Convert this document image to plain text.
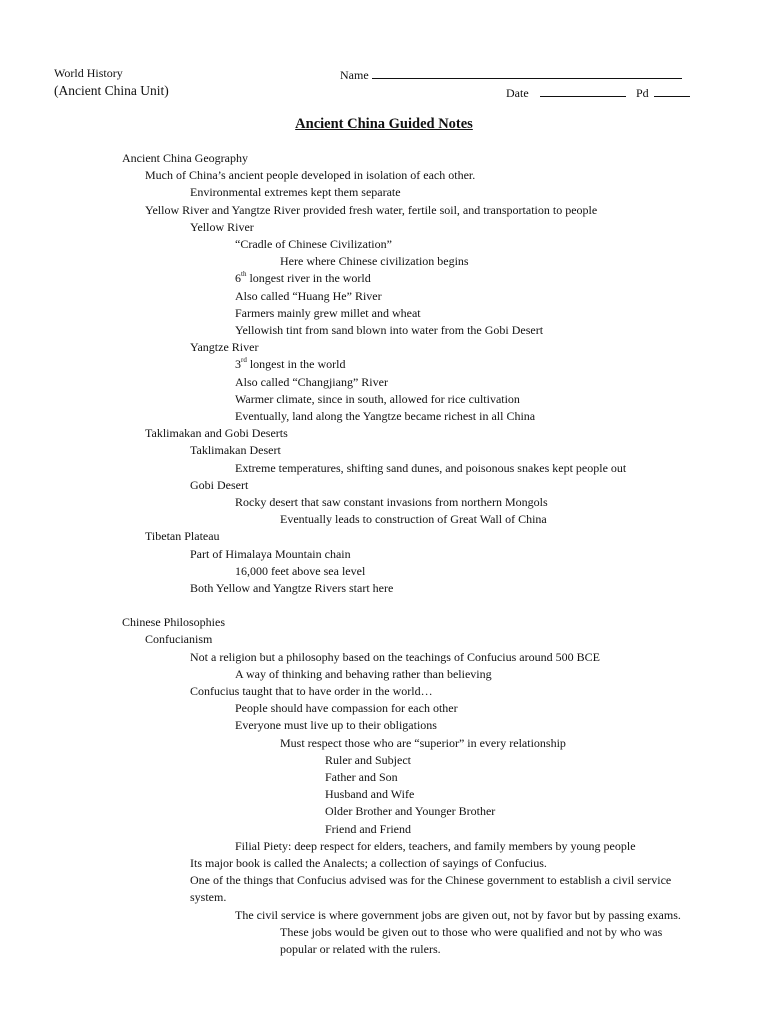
World History
(Ancient China Unit)
Name
Date	Pd
Ancient China Guided Notes
Ancient China Geography
Much of China’s ancient people developed in isolation of each other.
Environmental extremes kept them separate
Yellow River and Yangtze River provided fresh water, fertile soil, and transportation to people
Yellow River
“Cradle of Chinese Civilization”
Here where Chinese civilization begins
6th longest river in the world
Also called “Huang He” River
Farmers mainly grew millet and wheat
Yellowish tint from sand blown into water from the Gobi Desert
Yangtze River
3rd longest in the world
Also called “Changjiang” River
Warmer climate, since in south, allowed for rice cultivation
Eventually, land along the Yangtze became richest in all China
Taklimakan and Gobi Deserts
Taklimakan Desert
Extreme temperatures, shifting sand dunes, and poisonous snakes kept people out
Gobi Desert
Rocky desert that saw constant invasions from northern Mongols
Eventually leads to construction of Great Wall of China
Tibetan Plateau
Part of Himalaya Mountain chain
16,000 feet above sea level
Both Yellow and Yangtze Rivers start here
Chinese Philosophies
Confucianism
Not a religion but a philosophy based on the teachings of Confucius around 500 BCE
A way of thinking and behaving rather than believing
Confucius taught that to have order in the world…
People should have compassion for each other
Everyone must live up to their obligations
Must respect those who are “superior” in every relationship
Ruler and Subject
Father and Son
Husband and Wife
Older Brother and Younger Brother
Friend and Friend
Filial Piety: deep respect for elders, teachers, and family members by young people
Its major book is called the Analects; a collection of sayings of Confucius.
One of the things that Confucius advised was for the Chinese government to establish a civil service
system.
The civil service is where government jobs are given out, not by favor but by passing exams.
These jobs would be given out to those who were qualified and not by who was
popular or related with the rulers.
